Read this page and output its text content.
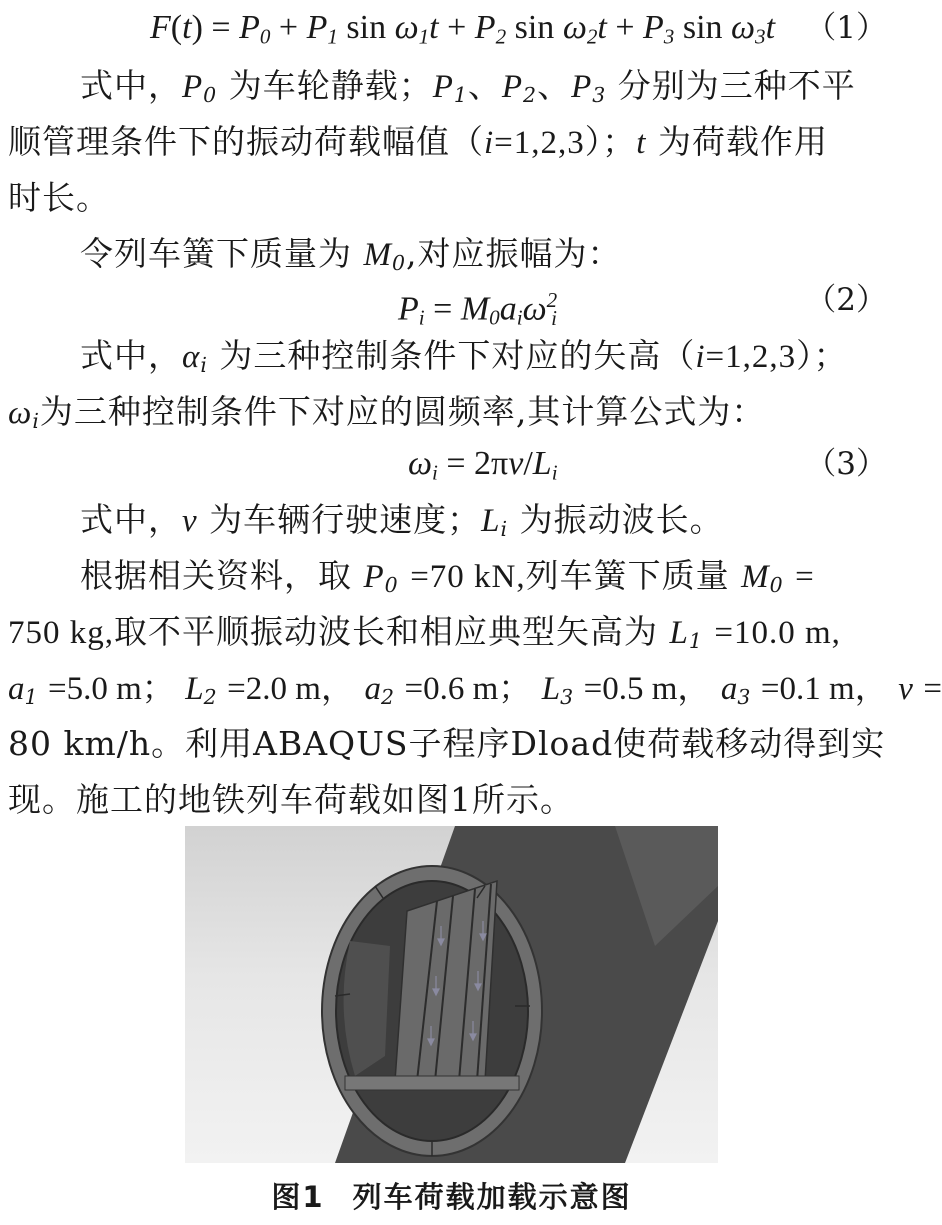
$F(t) = P_0 + P_1$ $\sin \omega_1t + P_2$ $\sin \omega_2t + P_3$ $\sin \omega_3t$ （1）
式中，$P_0$ 为车轮静载；$P_1$、$P_2$、$P_3$ 分别为三种不平
顺管理条件下的振动荷载幅值（i=1,2,3）；t 为荷载作用
时长。
令列车簧下质量为 $M_0$,对应振幅为：
$P_i = M_0a_i\omega^2_i$	（2）
式中，$\alpha_i$ 为三种控制条件下对应的矢高（i=1,2,3）；
$\omega_i$为三种控制条件下对应的圆频率,其计算公式为：
$\omega_i = 2\pi v/L_i$	（3）
式中，v 为车辆行驶速度；$L_i$ 为振动波长。
根据相关资料，取 $P_0 =70$ kN,列车簧下质量 $M_0$ =
750 kg,取不平顺振动波长和相应典型矢高为 $L_1 =10.0$ m,
$a_1 =5.0$ m； $L_2 =2.0$ m， $a_2 =0.6$ m； $L_3 =0.5$ m， $a_3 =0.1$ m， v =
80 km/h。利用ABAQUS子程序Dload使荷载移动得到实
现。施工的地铁列车荷载如图1所示。
图1 列车荷载加载示意图
